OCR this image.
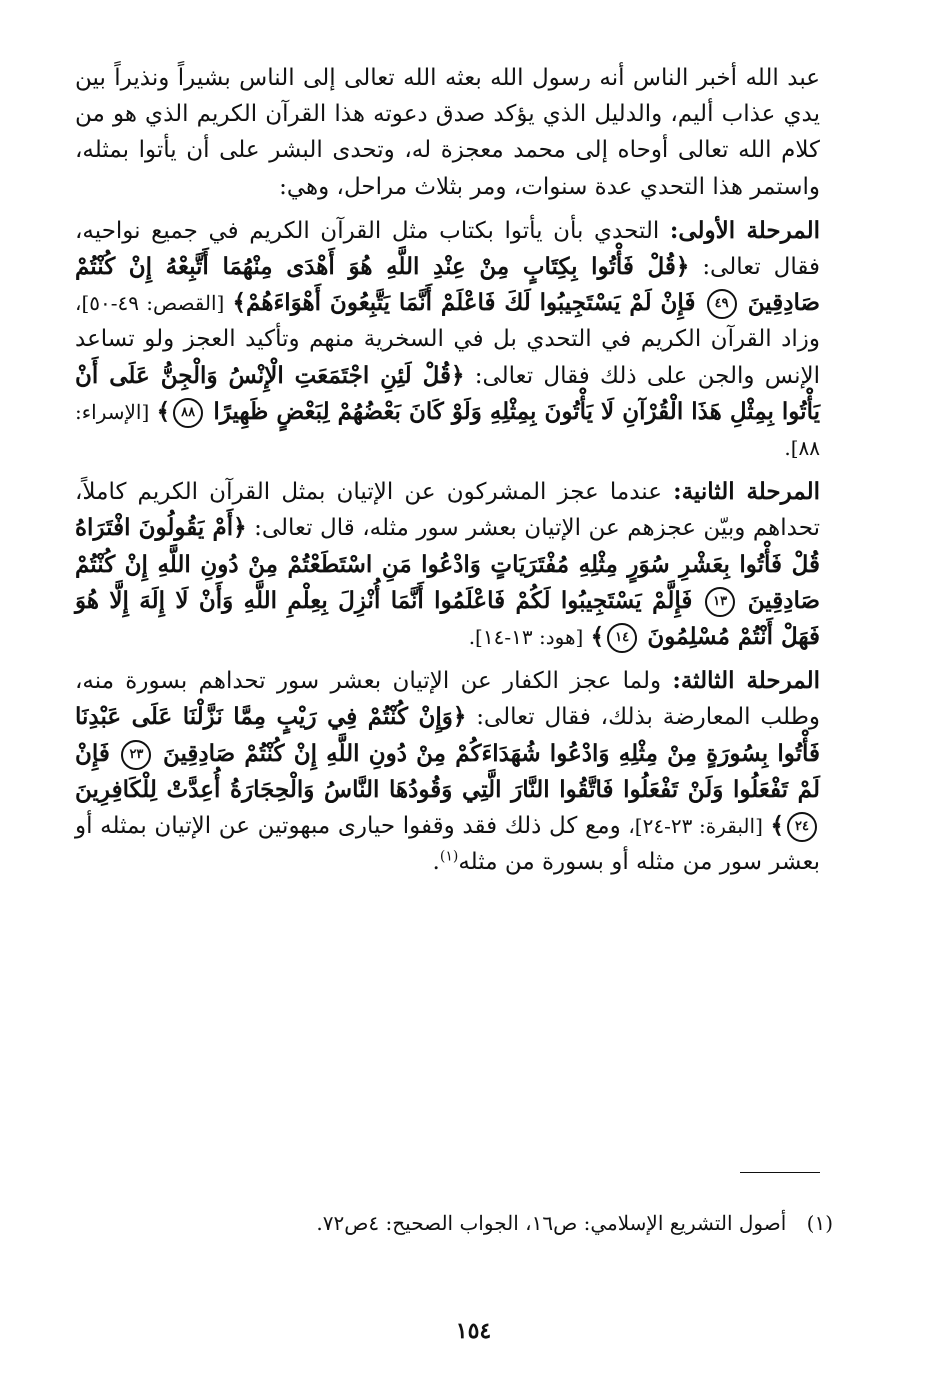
عبد الله أخبر الناس أنه رسول الله بعثه الله تعالى إلى الناس بشيراً ونذيراً بين يدي عذاب أليم، والدليل الذي يؤكد صدق دعوته هذا القرآن الكريم الذي هو من كلام الله تعالى أوحاه إلى محمد معجزة له، وتحدى البشر على أن يأتوا بمثله، واستمر هذا التحدي عدة سنوات، ومر بثلاث مراحل، وهي:

المرحلة الأولى: التحدي بأن يأتوا بكتاب مثل القرآن الكريم في جميع نواحيه، فقال تعالى: ﴿قُلْ فَأْتُوا بِكِتَابٍ مِنْ عِنْدِ اللَّهِ هُوَ أَهْدَى مِنْهُمَا أَتَّبِعْهُ إِنْ كُنْتُمْ صَادِقِينَ ٤٩ فَإِنْ لَمْ يَسْتَجِيبُوا لَكَ فَاعْلَمْ أَنَّمَا يَتَّبِعُونَ أَهْوَاءَهُمْ﴾ [القصص: ٤٩-٥٠]، وزاد القرآن الكريم في التحدي بل في السخرية منهم وتأكيد العجز ولو تساعد الإنس والجن على ذلك فقال تعالى: ﴿قُلْ لَئِنِ اجْتَمَعَتِ الْإِنْسُ وَالْجِنُّ عَلَى أَنْ يَأْتُوا بِمِثْلِ هَذَا الْقُرْآنِ لَا يَأْتُونَ بِمِثْلِهِ وَلَوْ كَانَ بَعْضُهُمْ لِبَعْضٍ ظَهِيرًا ٨٨﴾ [الإسراء: ٨٨].

المرحلة الثانية: عندما عجز المشركون عن الإتيان بمثل القرآن الكريم كاملاً، تحداهم وبيّن عجزهم عن الإتيان بعشر سور مثله، قال تعالى: ﴿أَمْ يَقُولُونَ افْتَرَاهُ قُلْ فَأْتُوا بِعَشْرِ سُوَرٍ مِثْلِهِ مُفْتَرَيَاتٍ وَادْعُوا مَنِ اسْتَطَعْتُمْ مِنْ دُونِ اللَّهِ إِنْ كُنْتُمْ صَادِقِينَ ١٣ فَإِلَّمْ يَسْتَجِيبُوا لَكُمْ فَاعْلَمُوا أَنَّمَا أُنْزِلَ بِعِلْمِ اللَّهِ وَأَنْ لَا إِلَهَ إِلَّا هُوَ فَهَلْ أَنْتُمْ مُسْلِمُونَ ١٤﴾ [هود: ١٣-١٤].

المرحلة الثالثة: ولما عجز الكفار عن الإتيان بعشر سور تحداهم بسورة منه، وطلب المعارضة بذلك، فقال تعالى: ﴿وَإِنْ كُنْتُمْ فِي رَيْبٍ مِمَّا نَزَّلْنَا عَلَى عَبْدِنَا فَأْتُوا بِسُورَةٍ مِنْ مِثْلِهِ وَادْعُوا شُهَدَاءَكُمْ مِنْ دُونِ اللَّهِ إِنْ كُنْتُمْ صَادِقِينَ ٢٣ فَإِنْ لَمْ تَفْعَلُوا وَلَنْ تَفْعَلُوا فَاتَّقُوا النَّارَ الَّتِي وَقُودُهَا النَّاسُ وَالْحِجَارَةُ أُعِدَّتْ لِلْكَافِرِينَ ٢٤﴾ [البقرة: ٢٣-٢٤]، ومع كل ذلك فقد وقفوا حيارى مبهوتين عن الإتيان بمثله أو بعشر سور من مثله أو بسورة من مثله$^{(١)}$.

(١) أصول التشريع الإسلامي: ص١٦، الجواب الصحيح: ٤ص٧٢.
١٥٤
